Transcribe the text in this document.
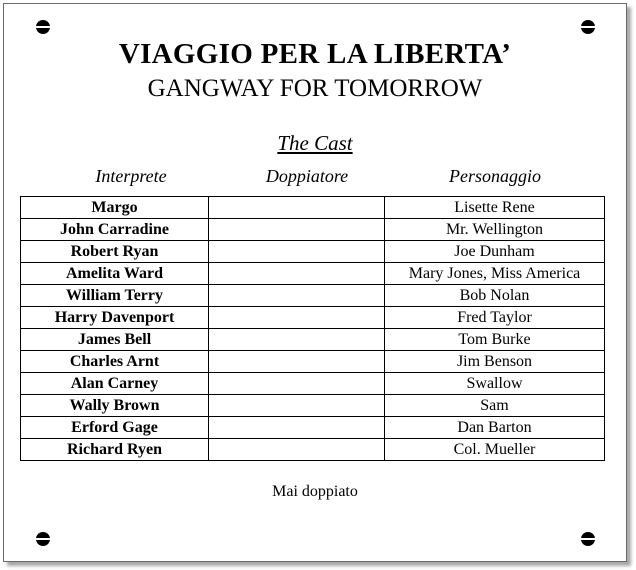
VIAGGIO PER LA LIBERTA’
GANGWAY FOR TOMORROW
The Cast
Interprete	Doppiatore	Personaggio
Margo		Lisette Rene
John Carradine		Mr. Wellington
Robert Ryan		Joe Dunham
Amelita Ward		Mary Jones, Miss America
William Terry		Bob Nolan
Harry Davenport		Fred Taylor
James Bell		Tom Burke
Charles Arnt		Jim Benson
Alan Carney		Swallow
Wally Brown		Sam
Erford Gage		Dan Barton
Richard Ryen		Col. Mueller
Mai doppiato
